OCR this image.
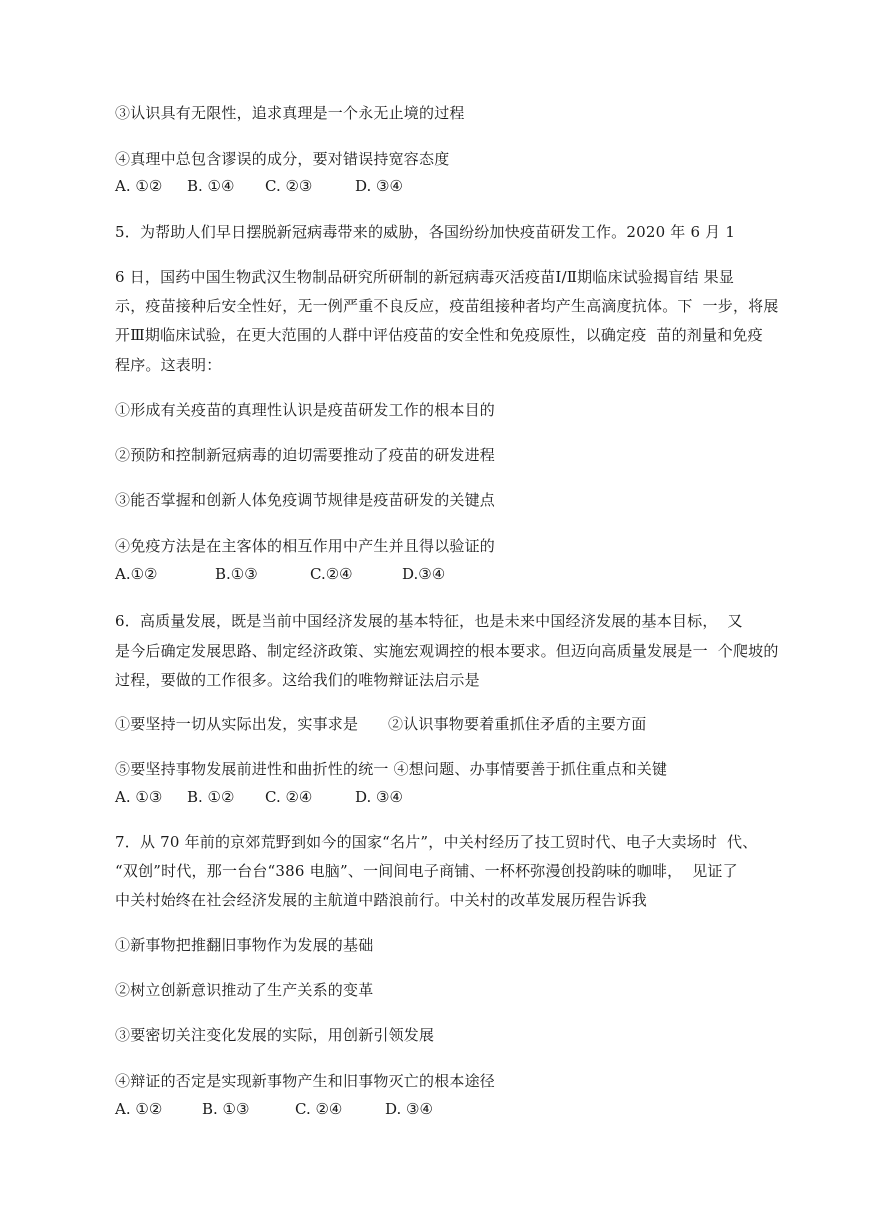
③认识具有无限性，追求真理是一个永无止境的过程
④真理中总包含谬误的成分，要对错误持宽容态度
A. ①② B. ①④ C. ②③	D. ③④
5．为帮助人们早日摆脱新冠病毒带来的威胁，各国纷纷加快疫苗研发工作。2020 年 6 月 1
6 日，国药中国生物武汉生物制品研究所研制的新冠病毒灭活疫苗Ⅰ/Ⅱ期临床试验揭盲结 果显
示，疫苗接种后安全性好，无一例严重不良反应，疫苗组接种者均产生高滴度抗体。下  一步，将展
开Ⅲ期临床试验，在更大范围的人群中评估疫苗的安全性和免疫原性，以确定疫  苗的剂量和免疫
程序。这表明：
①形成有关疫苗的真理性认识是疫苗研发工作的根本目的
②预防和控制新冠病毒的迫切需要推动了疫苗的研发进程
③能否掌握和创新人体免疫调节规律是疫苗研发的关键点
④免疫方法是在主客体的相互作用中产生并且得以验证的
A.①②	B.①③	C.②④	D.③④
6．高质量发展，既是当前中国经济发展的基本特征，也是未来中国经济发展的基本目标，  又
是今后确定发展思路、制定经济政策、实施宏观调控的根本要求。但迈向高质量发展是一  个爬坡的
过程，要做的工作很多。这给我们的唯物辩证法启示是
①要坚持一切从实际出发，实事求是      ②认识事物要着重抓住矛盾的主要方面
⑤要坚持事物发展前进性和曲折性的统一 ④想问题、办事情要善于抓住重点和关键
A. ①③ B. ①② C. ②④	D. ③④
7．从 70 年前的京郊荒野到如今的国家“名片”，中关村经历了技工贸时代、电子大卖场时  代、
“双创”时代，那一台台“386 电脑”、一间间电子商铺、一杯杯弥漫创投韵味的咖啡，  见证了
中关村始终在社会经济发展的主航道中踏浪前行。中关村的改革发展历程告诉我
①新事物把推翻旧事物作为发展的基础
②树立创新意识推动了生产关系的变革
③要密切关注变化发展的实际，用创新引领发展
④辩证的否定是实现新事物产生和旧事物灭亡的根本途径
A. ①②	B. ①③	C. ②④	D. ③④
